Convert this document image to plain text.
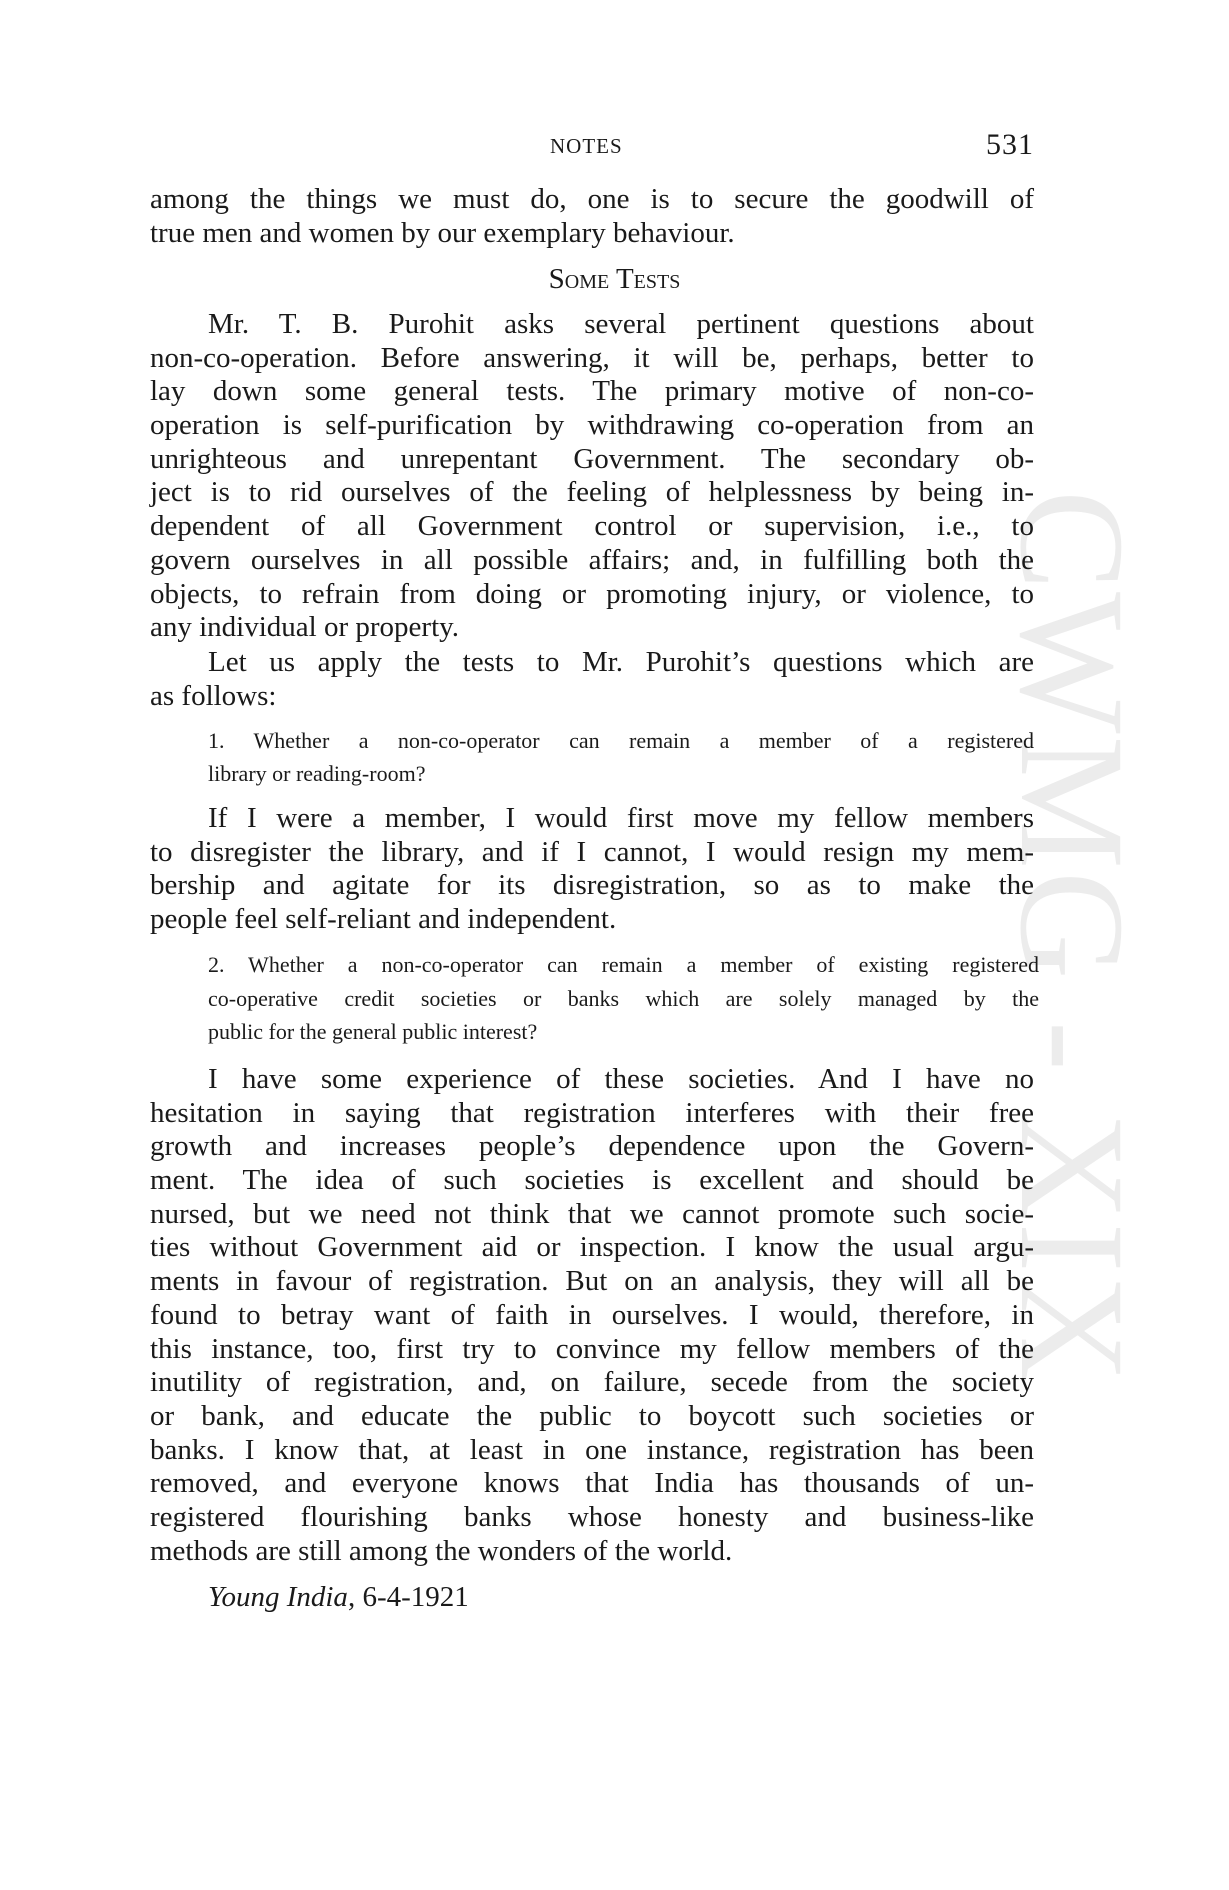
CWMG - XIX
NOTES	531
among the things we must do, one is to secure the goodwill of
true men and women by our exemplary behaviour.
Some Tests
Mr. T. B. Purohit asks several pertinent questions about
non-co-operation. Before answering, it will be, perhaps, better to
lay down some general tests. The primary motive of non-co-
operation is self-purification by withdrawing co-operation from an
unrighteous and unrepentant Government. The secondary ob-
ject is to rid ourselves of the feeling of helplessness by being in-
dependent of all Government control or supervision, i.e., to
govern ourselves in all possible affairs; and, in fulfilling both the
objects, to refrain from doing or promoting injury, or violence, to
any individual or property.
Let us apply the tests to Mr. Purohit’s questions which are
as follows:
1. Whether a non-co-operator can remain a member of a registered
library or reading-room?
If I were a member, I would first move my fellow members
to disregister the library, and if I cannot, I would resign my mem-
bership and agitate for its disregistration, so as to make the
people feel self-reliant and independent.
2. Whether a non-co-operator can remain a member of existing registered
co-operative credit societies or banks which are solely managed by the
public for the general public interest?
I have some experience of these societies. And I have no
hesitation in saying that registration interferes with their free
growth and increases people’s dependence upon the Govern-
ment. The idea of such societies is excellent and should be
nursed, but we need not think that we cannot promote such socie-
ties without Government aid or inspection. I know the usual argu-
ments in favour of registration. But on an analysis, they will all be
found to betray want of faith in ourselves. I would, therefore, in
this instance, too, first try to convince my fellow members of the
inutility of registration, and, on failure, secede from the society
or bank, and educate the public to boycott such societies or
banks. I know that, at least in one instance, registration has been
removed, and everyone knows that India has thousands of un-
registered flourishing banks whose honesty and business-like
methods are still among the wonders of the world.
Young India, 6-4-1921
